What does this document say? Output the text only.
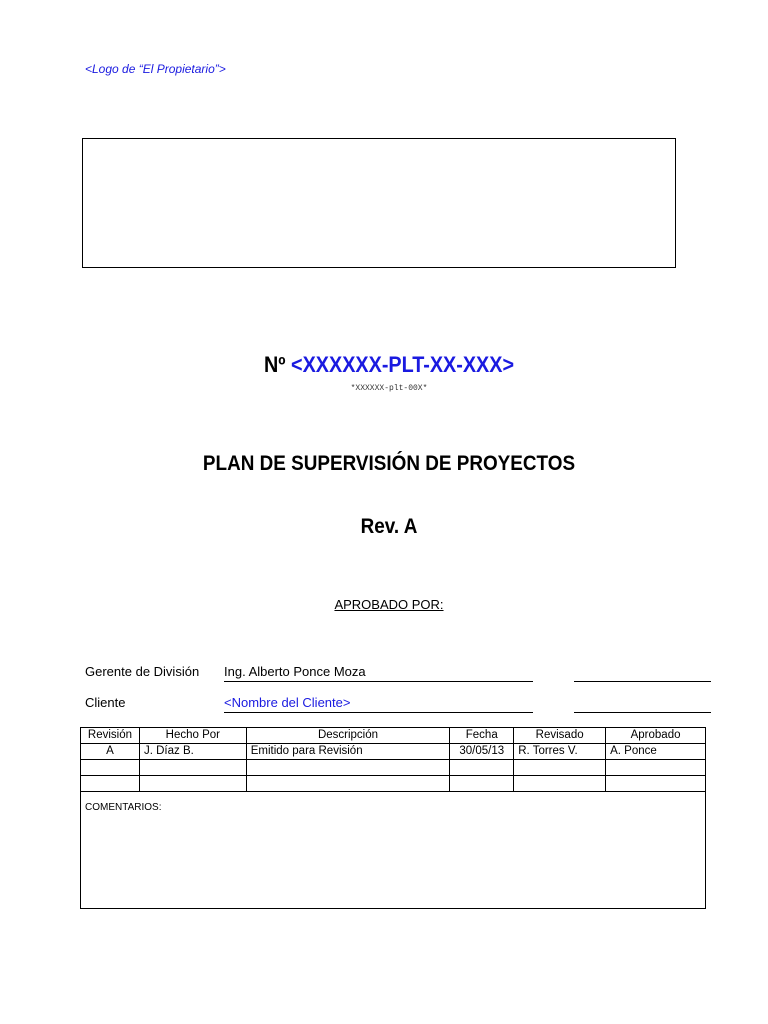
<Logo de “El Propietario”>
Nº <XXXXXX-PLT-XX-XXX>
*XXXXXX-plt-00X*
PLAN DE SUPERVISIÓN DE PROYECTOS
Rev. A
APROBADO POR:
Gerente de División Ing. Alberto Ponce Moza
Cliente	<Nombre del Cliente>
Revisión	Hecho Por	Descripción	Fecha	Revisado	Aprobado
A	J. Díaz B.	Emitido para Revisión	30/05/13	R. Torres V.	A. Ponce

COMENTARIOS:					
